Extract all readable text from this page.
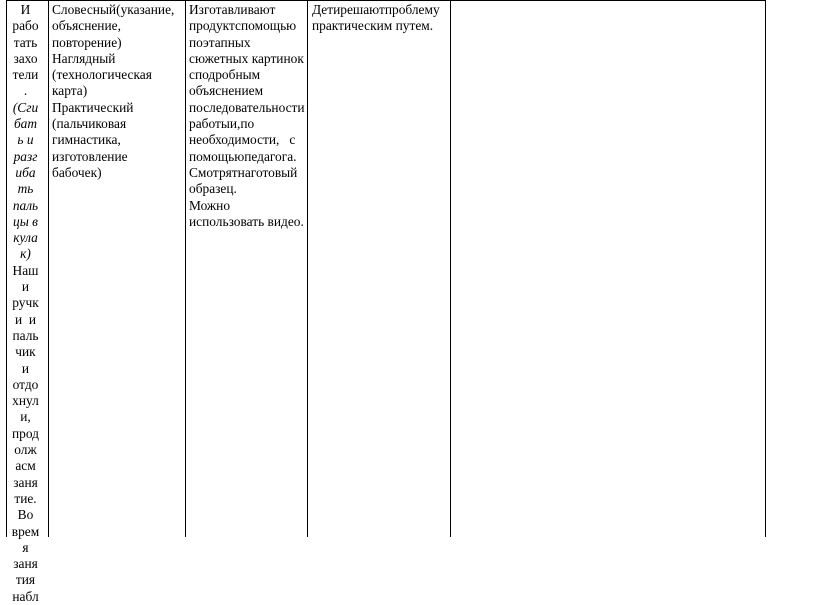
И
рабо
тать
захо
тели
.
(Сги
бат
ь и
разг
иба
ть
паль
цы в
кула
к)
Наш
и
ручк
и  и
паль
чик
и
отдо
хнул
и,
прод
олж
асм
заня
тие.
Во
врем
я
заня
тия
набл
Словесный(указание,
объяснение,
повторение)
Наглядный
(технологическая
карта)
Практический
(пальчиковая
гимнастика,
изготовление бабочек)
Изготавливают
продуктспомощью
поэтапных
сюжетных картинок
сподробным
объяснением
последовательности
работыи,по
необходимости,   с
помощьюпедагога.
Смотрятнаготовый
образец.
Можно
использовать видео.
Детирешаютпроблему
практическим путем.
